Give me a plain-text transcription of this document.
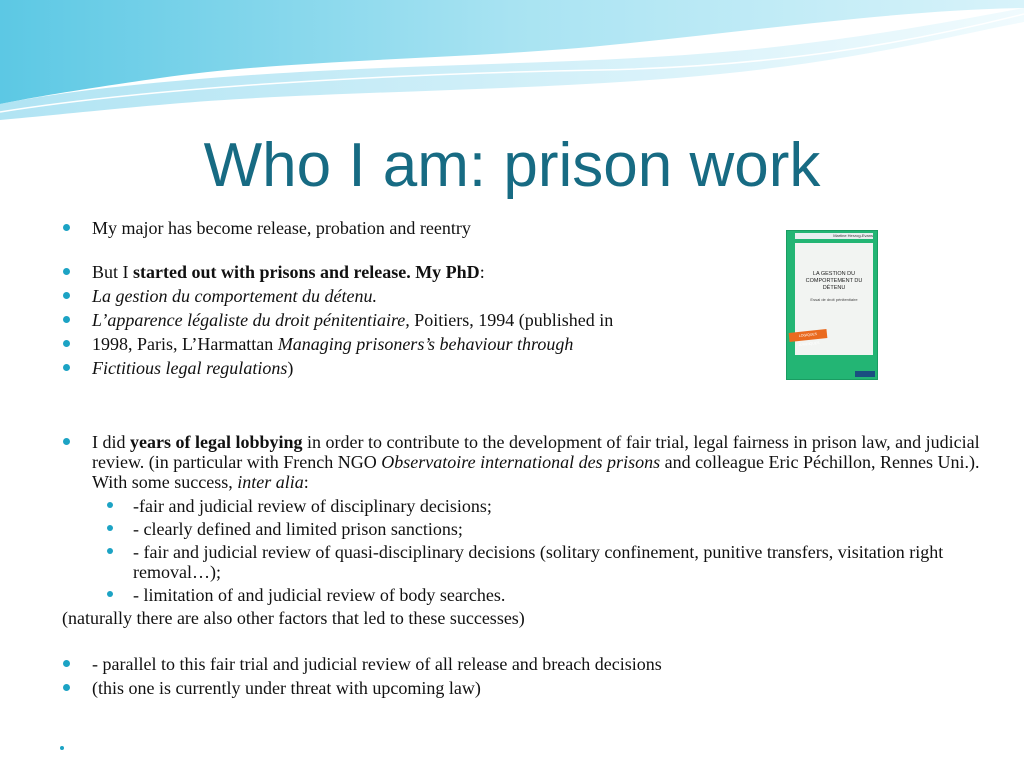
Who I am: prison work
My major has become release, probation and reentry
But I started out with prisons and release. My PhD:
La gestion du comportement du détenu.
L’apparence légaliste du droit pénitentiaire, Poitiers, 1994 (published in
1998, Paris, L’Harmattan Managing prisoners’s behaviour through
Fictitious legal regulations)
I did years of legal lobbying in order to contribute to the development of fair trial, legal fairness in prison law, and judicial review. (in particular with French NGO Observatoire international des prisons and colleague Eric Péchillon, Rennes Uni.). With some success, inter alia:
-fair and judicial review of disciplinary decisions;
- clearly defined and limited prison sanctions;
- fair and judicial review of quasi-disciplinary decisions (solitary confinement, punitive transfers, visitation right removal…);
- limitation of and judicial review of body searches.
(naturally there are also other factors that led to these successes)
- parallel to this fair trial and judicial review of all release and breach decisions
(this one is currently under threat with upcoming law)
Martine Herzog-Evans
LA GESTION DU COMPORTEMENT DU DÉTENU
Essai de droit pénitentiaire
LOGIQUES JURIDIQUES
